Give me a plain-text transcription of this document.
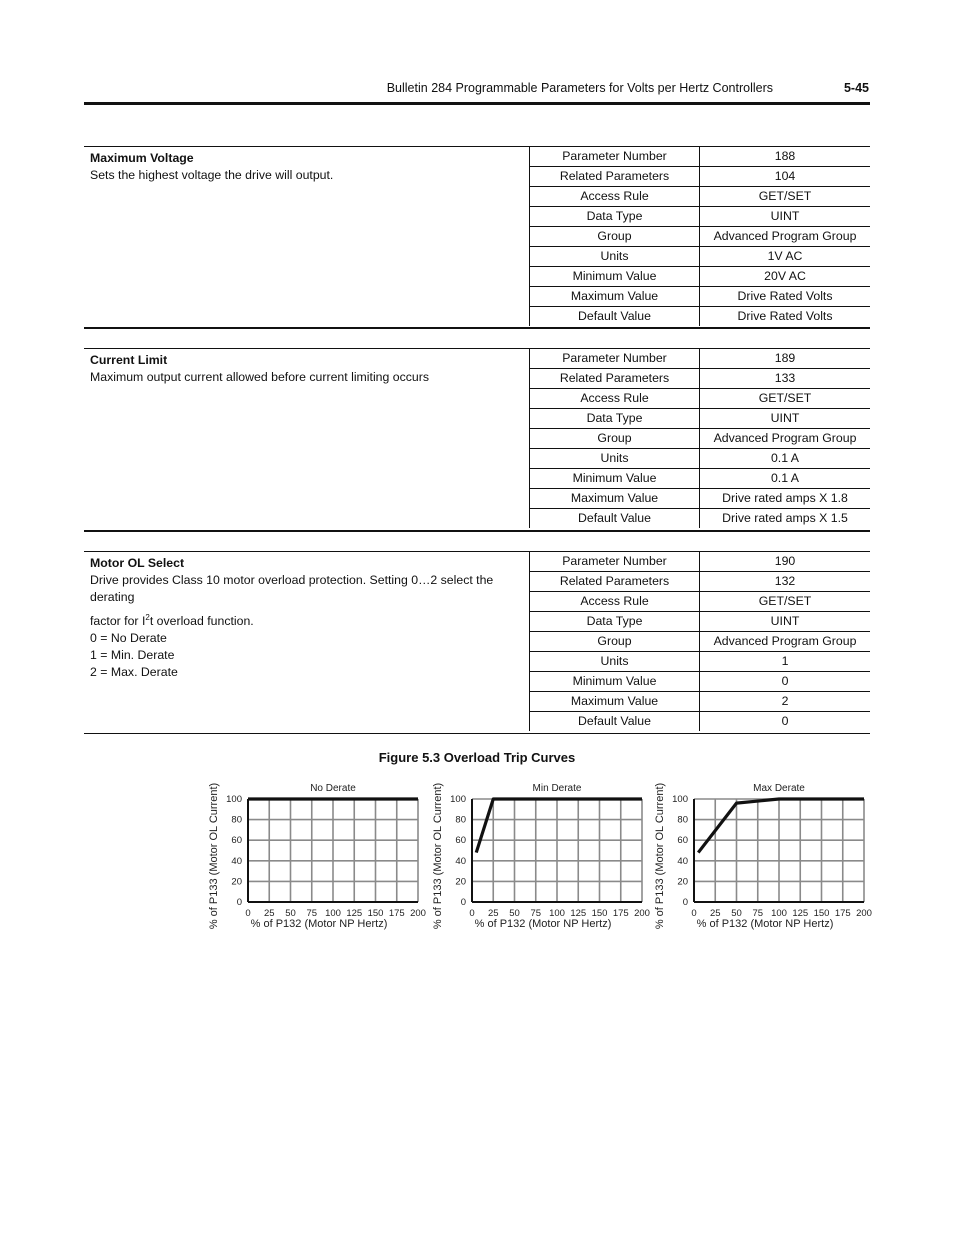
Bulletin 284 Programmable Parameters for Volts per Hertz Controllers	5-45
Maximum Voltage
Sets the highest voltage the drive will output.
Parameter Number	188
Related Parameters	104
Access Rule	GET/SET
Data Type	UINT
Group	Advanced Program Group
Units	1V AC
Minimum Value	20V AC
Maximum Value	Drive Rated Volts
Default Value	Drive Rated Volts
Current Limit
Maximum output current allowed before current limiting occurs
Parameter Number	189
Related Parameters	133
Access Rule	GET/SET
Data Type	UINT
Group	Advanced Program Group
Units	0.1 A
Minimum Value	0.1 A
Maximum Value	Drive rated amps X 1.8
Default Value	Drive rated amps X 1.5
Motor OL Select
Drive provides Class 10 motor overload protection. Setting 0…2 select the derating
factor for $I^2t$ overload function.
0 = No Derate
1 = Min. Derate
2 = Max. Derate
Parameter Number	190
Related Parameters	132
Access Rule	GET/SET
Data Type	UINT
Group	Advanced Program Group
Units	1
Minimum Value	0
Maximum Value	2
Default Value	0
Figure 5.3 Overload Trip Curves
No Derate
0
20
40
60
80
100
0 25 50 75 100 125 150 175 200
% of P132 (Motor NP Hertz)
% of P133 (Motor OL Current)	Min Derate
0
20
40
60
80
100
0 25 50 75 100 125 150 175 200
% of P132 (Motor NP Hertz)
% of P133 (Motor OL Current)	Max Derate
0
20
40
60
80
100
0 25 50 75 100 125 150 175 200
% of P132 (Motor NP Hertz)
% of P133 (Motor OL Current)
